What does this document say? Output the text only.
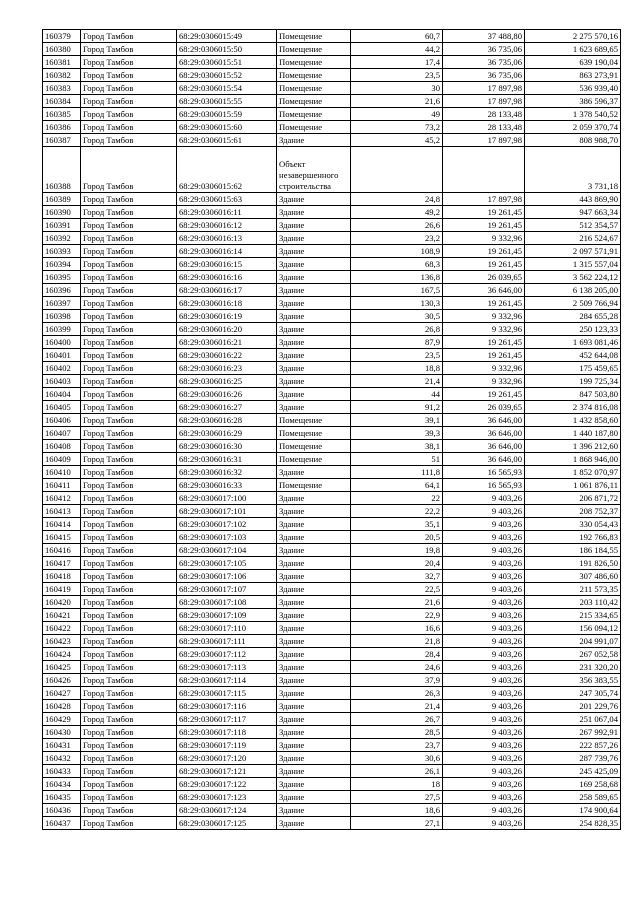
160379	Город Тамбов	68:29:0306015:49	Помещение	60,7	37 488,80	2 275 570,16
160380	Город Тамбов	68:29:0306015:50	Помещение	44,2	36 735,06	1 623 689,65
160381	Город Тамбов	68:29:0306015:51	Помещение	17,4	36 735,06	639 190,04
160382	Город Тамбов	68:29:0306015:52	Помещение	23,5	36 735,06	863 273,91
160383	Город Тамбов	68:29:0306015:54	Помещение	30	17 897,98	536 939,40
160384	Город Тамбов	68:29:0306015:55	Помещение	21,6	17 897,98	386 596,37
160385	Город Тамбов	68:29:0306015:59	Помещение	49	28 133,48	1 378 540,52
160386	Город Тамбов	68:29:0306015:60	Помещение	73,2	28 133,48	2 059 370,74
160387	Город Тамбов	68:29:0306015:61	Здание	45,2	17 897,98	808 988,70
160388	Город Тамбов	68:29:0306015:62	Объект незавершенного строительства			3 731,18
160389	Город Тамбов	68:29:0306015:63	Здание	24,8	17 897,98	443 869,90
160390	Город Тамбов	68:29:0306016:11	Здание	49,2	19 261,45	947 663,34
160391	Город Тамбов	68:29:0306016:12	Здание	26,6	19 261,45	512 354,57
160392	Город Тамбов	68:29:0306016:13	Здание	23,2	9 332,96	216 524,67
160393	Город Тамбов	68:29:0306016:14	Здание	108,9	19 261,45	2 097 571,91
160394	Город Тамбов	68:29:0306016:15	Здание	68,3	19 261,45	1 315 557,04
160395	Город Тамбов	68:29:0306016:16	Здание	136,8	26 039,65	3 562 224,12
160396	Город Тамбов	68:29:0306016:17	Здание	167,5	36 646,00	6 138 205,00
160397	Город Тамбов	68:29:0306016:18	Здание	130,3	19 261,45	2 509 766,94
160398	Город Тамбов	68:29:0306016:19	Здание	30,5	9 332,96	284 655,28
160399	Город Тамбов	68:29:0306016:20	Здание	26,8	9 332,96	250 123,33
160400	Город Тамбов	68:29:0306016:21	Здание	87,9	19 261,45	1 693 081,46
160401	Город Тамбов	68:29:0306016:22	Здание	23,5	19 261,45	452 644,08
160402	Город Тамбов	68:29:0306016:23	Здание	18,8	9 332,96	175 459,65
160403	Город Тамбов	68:29:0306016:25	Здание	21,4	9 332,96	199 725,34
160404	Город Тамбов	68:29:0306016:26	Здание	44	19 261,45	847 503,80
160405	Город Тамбов	68:29:0306016:27	Здание	91,2	26 039,65	2 374 816,08
160406	Город Тамбов	68:29:0306016:28	Помещение	39,1	36 646,00	1 432 858,60
160407	Город Тамбов	68:29:0306016:29	Помещение	39,3	36 646,00	1 440 187,80
160408	Город Тамбов	68:29:0306016:30	Помещение	38,1	36 646,00	1 396 212,60
160409	Город Тамбов	68:29:0306016:31	Помещение	51	36 646,00	1 868 946,00
160410	Город Тамбов	68:29:0306016:32	Здание	111,8	16 565,93	1 852 070,97
160411	Город Тамбов	68:29:0306016:33	Помещение	64,1	16 565,93	1 061 876,11
160412	Город Тамбов	68:29:0306017:100	Здание	22	9 403,26	206 871,72
160413	Город Тамбов	68:29:0306017:101	Здание	22,2	9 403,26	208 752,37
160414	Город Тамбов	68:29:0306017:102	Здание	35,1	9 403,26	330 054,43
160415	Город Тамбов	68:29:0306017:103	Здание	20,5	9 403,26	192 766,83
160416	Город Тамбов	68:29:0306017:104	Здание	19,8	9 403,26	186 184,55
160417	Город Тамбов	68:29:0306017:105	Здание	20,4	9 403,26	191 826,50
160418	Город Тамбов	68:29:0306017:106	Здание	32,7	9 403,26	307 486,60
160419	Город Тамбов	68:29:0306017:107	Здание	22,5	9 403,26	211 573,35
160420	Город Тамбов	68:29:0306017:108	Здание	21,6	9 403,26	203 110,42
160421	Город Тамбов	68:29:0306017:109	Здание	22,9	9 403,26	215 334,65
160422	Город Тамбов	68:29:0306017:110	Здание	16,6	9 403,26	156 094,12
160423	Город Тамбов	68:29:0306017:111	Здание	21,8	9 403,26	204 991,07
160424	Город Тамбов	68:29:0306017:112	Здание	28,4	9 403,26	267 052,58
160425	Город Тамбов	68:29:0306017:113	Здание	24,6	9 403,26	231 320,20
160426	Город Тамбов	68:29:0306017:114	Здание	37,9	9 403,26	356 383,55
160427	Город Тамбов	68:29:0306017:115	Здание	26,3	9 403,26	247 305,74
160428	Город Тамбов	68:29:0306017:116	Здание	21,4	9 403,26	201 229,76
160429	Город Тамбов	68:29:0306017:117	Здание	26,7	9 403,26	251 067,04
160430	Город Тамбов	68:29:0306017:118	Здание	28,5	9 403,26	267 992,91
160431	Город Тамбов	68:29:0306017:119	Здание	23,7	9 403,26	222 857,26
160432	Город Тамбов	68:29:0306017:120	Здание	30,6	9 403,26	287 739,76
160433	Город Тамбов	68:29:0306017:121	Здание	26,1	9 403,26	245 425,09
160434	Город Тамбов	68:29:0306017:122	Здание	18	9 403,26	169 258,68
160435	Город Тамбов	68:29:0306017:123	Здание	27,5	9 403,26	258 589,65
160436	Город Тамбов	68:29:0306017:124	Здание	18,6	9 403,26	174 900,64
160437	Город Тамбов	68:29:0306017:125	Здание	27,1	9 403,26	254 828,35
